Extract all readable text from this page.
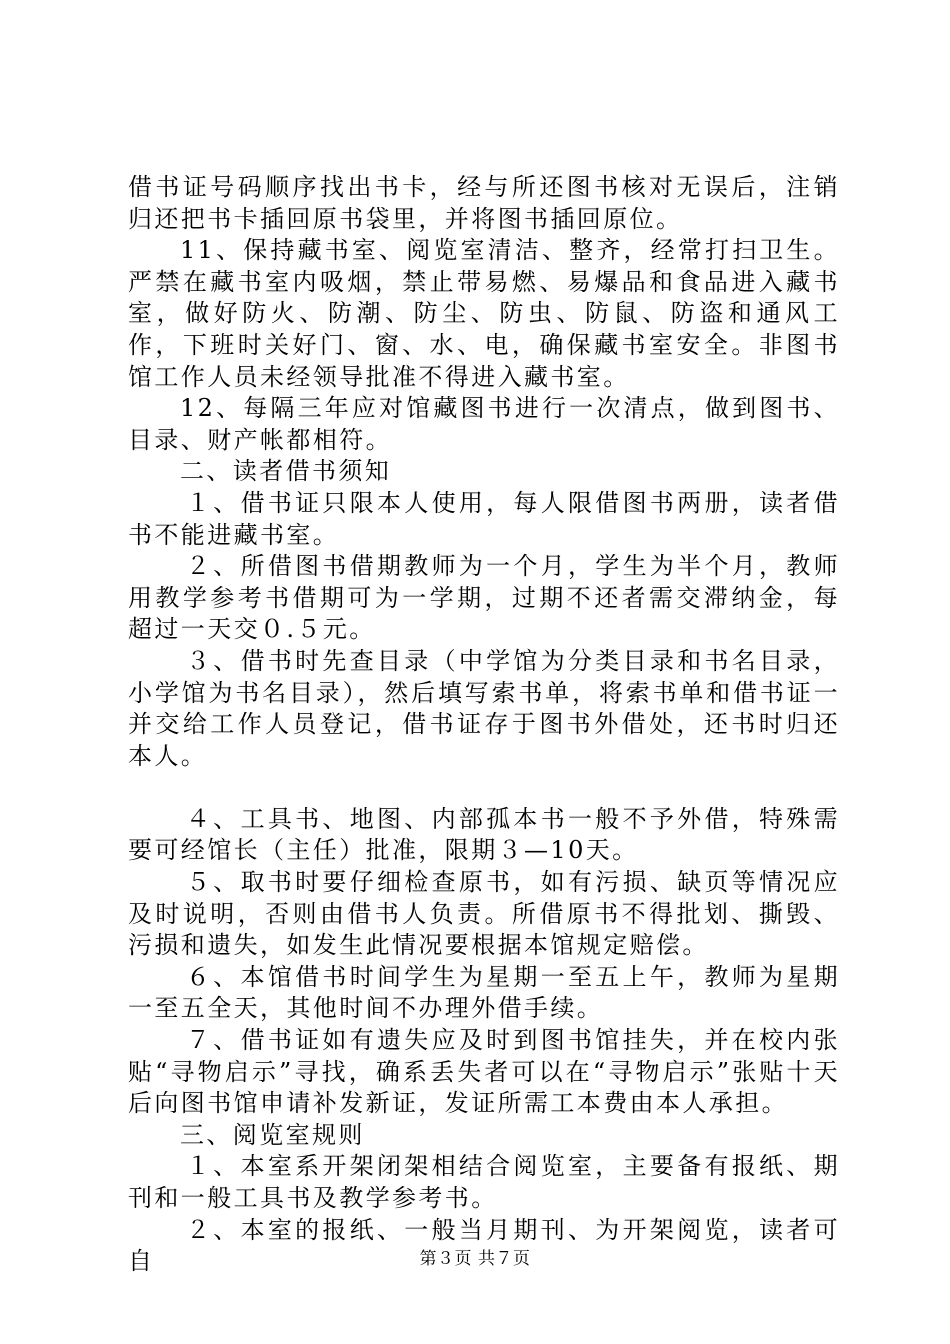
借书证号码顺序找出书卡，经与所还图书核对无误后，注销归还把书卡插回原书袋里，并将图书插回原位。

11、保持藏书室、阅览室清洁、整齐，经常打扫卫生。严禁在藏书室内吸烟，禁止带易燃、易爆品和食品进入藏书室，做好防火、防潮、防尘、防虫、防鼠、防盗和通风工作，下班时关好门、窗、水、电，确保藏书室安全。非图书馆工作人员未经领导批准不得进入藏书室。

12、每隔三年应对馆藏图书进行一次清点，做到图书、目录、财产帐都相符。

二、读者借书须知

１、借书证只限本人使用，每人限借图书两册，读者借书不能进藏书室。

２、所借图书借期教师为一个月，学生为半个月，教师用教学参考书借期可为一学期，过期不还者需交滞纳金，每超过一天交０.５元。

３、借书时先查目录（中学馆为分类目录和书名目录，小学馆为书名目录），然后填写索书单，将索书单和借书证一并交给工作人员登记，借书证存于图书外借处，还书时归还本人。

４、工具书、地图、内部孤本书一般不予外借，特殊需要可经馆长（主任）批准，限期３—10天。

５、取书时要仔细检查原书，如有污损、缺页等情况应及时说明，否则由借书人负责。所借原书不得批划、撕毁、污损和遗失，如发生此情况要根据本馆规定赔偿。

６、本馆借书时间学生为星期一至五上午，教师为星期一至五全天，其他时间不办理外借手续。

７、借书证如有遗失应及时到图书馆挂失，并在校内张贴“寻物启示”寻找，确系丢失者可以在“寻物启示”张贴十天后向图书馆申请补发新证，发证所需工本费由本人承担。

三、阅览室规则

１、本室系开架闭架相结合阅览室，主要备有报纸、期刊和一般工具书及教学参考书。

２、本室的报纸、一般当月期刊、为开架阅览，读者可自	第３页 共７页
